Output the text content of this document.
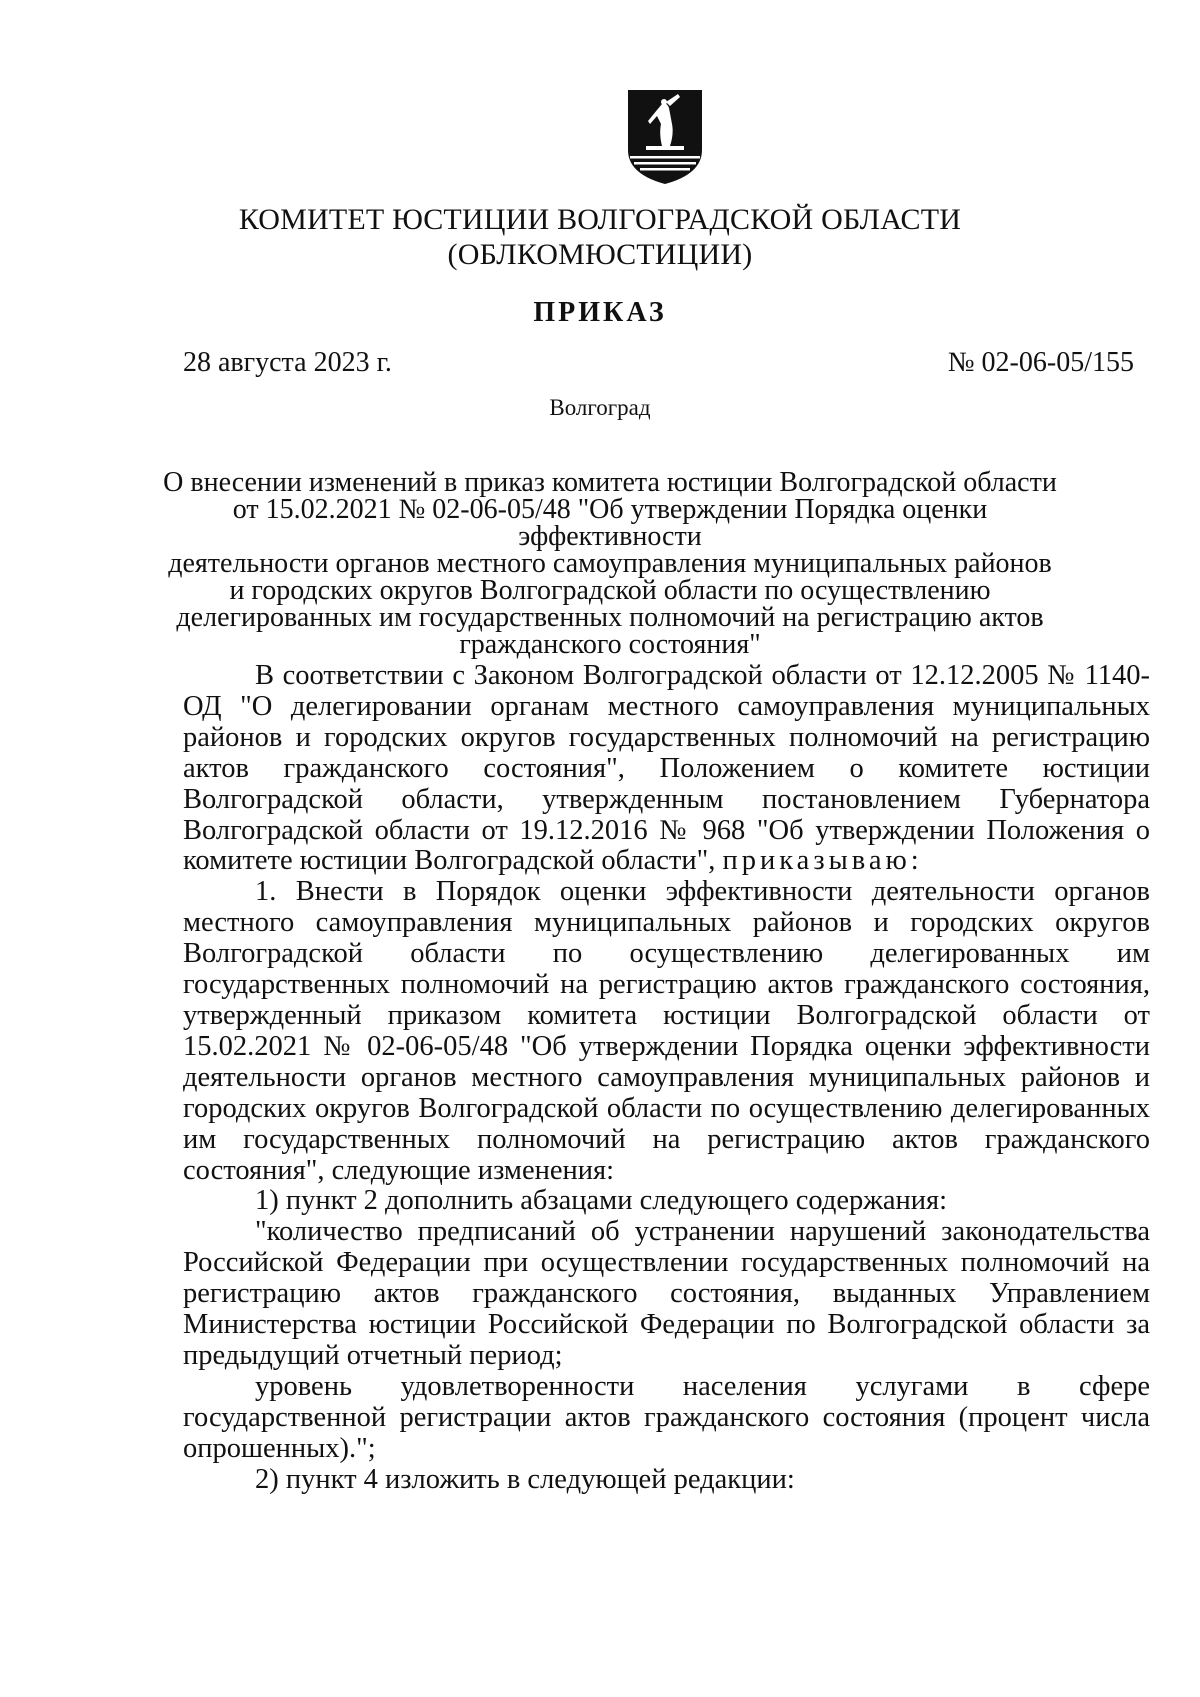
КОМИТЕТ ЮСТИЦИИ ВОЛГОГРАДСКОЙ ОБЛАСТИ
(ОБЛКОМЮСТИЦИИ)
ПРИКАЗ
28 августа 2023 г.	№ 02-06-05/155
Волгоград
О внесении изменений в приказ комитета юстиции Волгоградской области
от 15.02.2021 № 02-06-05/48 "Об утверждении Порядка оценки эффективности
деятельности органов местного самоуправления муниципальных районов
и городских округов Волгоградской области по осуществлению
делегированных им государственных полномочий на регистрацию актов
гражданского состояния"

В соответствии с Законом Волгоградской области от 12.12.2005 № 1140-ОД "О делегировании органам местного самоуправления муниципальных районов и городских округов государственных полномочий на регистрацию актов гражданского состояния", Положением о комитете юстиции Волгоградской области, утвержденным постановлением Губернатора Волгоградской области от 19.12.2016 № 968 "Об утверждении Положения о комитете юстиции Волгоградской области", приказываю:

1. Внести в Порядок оценки эффективности деятельности органов местного самоуправления муниципальных районов и городских округов Волгоградской области по осуществлению делегированных им государственных полномочий на регистрацию актов гражданского состояния, утвержденный приказом комитета юстиции Волгоградской области от 15.02.2021 № 02-06-05/48 "Об утверждении Порядка оценки эффективности деятельности органов местного самоуправления муниципальных районов и городских округов Волгоградской области по осуществлению делегированных им государственных полномочий на регистрацию актов гражданского состояния", следующие изменения:

1) пункт 2 дополнить абзацами следующего содержания:

"количество предписаний об устранении нарушений законодательства Российской Федерации при осуществлении государственных полномочий на регистрацию актов гражданского состояния, выданных Управлением Министерства юстиции Российской Федерации по Волгоградской области за предыдущий отчетный период;

уровень удовлетворенности населения услугами в сфере государственной регистрации актов гражданского состояния (процент числа опрошенных).";

2) пункт 4 изложить в следующей редакции:
